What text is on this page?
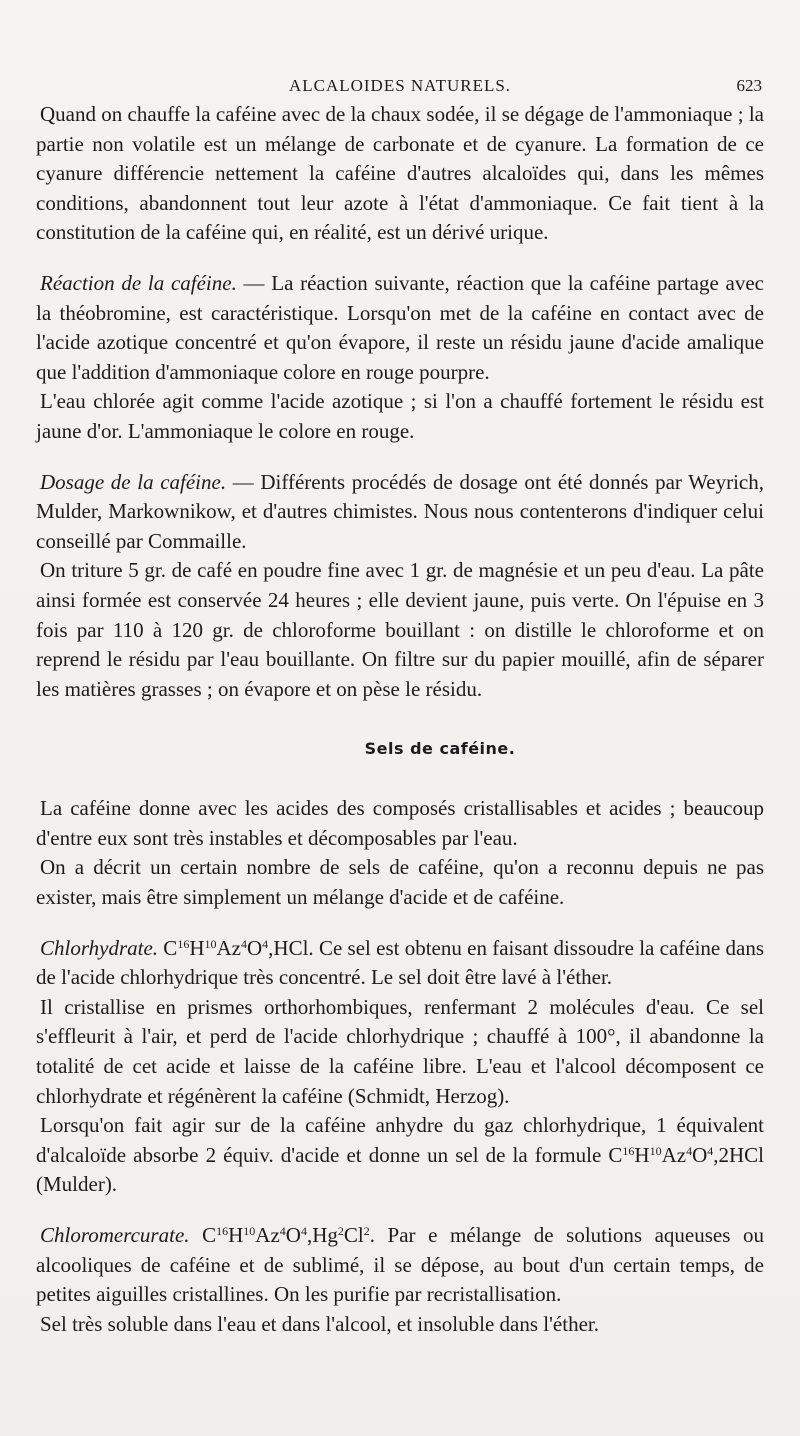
ALCALOIDES NATURELS.	623

Quand on chauffe la caféine avec de la chaux sodée, il se dégage de l'ammoniaque ; la partie non volatile est un mélange de carbonate et de cyanure. La formation de ce cyanure différencie nettement la caféine d'autres alcaloïdes qui, dans les mêmes conditions, abandonnent tout leur azote à l'état d'ammoniaque. Ce fait tient à la constitution de la caféine qui, en réalité, est un dérivé urique.

Réaction de la caféine. — La réaction suivante, réaction que la caféine partage avec la théobromine, est caractéristique. Lorsqu'on met de la caféine en contact avec de l'acide azotique concentré et qu'on évapore, il reste un résidu jaune d'acide amalique que l'addition d'ammoniaque colore en rouge pourpre.

L'eau chlorée agit comme l'acide azotique ; si l'on a chauffé fortement le résidu est jaune d'or. L'ammoniaque le colore en rouge.

Dosage de la caféine. — Différents procédés de dosage ont été donnés par Weyrich, Mulder, Markownikow, et d'autres chimistes. Nous nous contenterons d'indiquer celui conseillé par Commaille.

On triture 5 gr. de café en poudre fine avec 1 gr. de magnésie et un peu d'eau. La pâte ainsi formée est conservée 24 heures ; elle devient jaune, puis verte. On l'épuise en 3 fois par 110 à 120 gr. de chloroforme bouillant : on distille le chloroforme et on reprend le résidu par l'eau bouillante. On filtre sur du papier mouillé, afin de séparer les matières grasses ; on évapore et on pèse le résidu.

Sels de caféine.

La caféine donne avec les acides des composés cristallisables et acides ; beaucoup d'entre eux sont très instables et décomposables par l'eau.

On a décrit un certain nombre de sels de caféine, qu'on a reconnu depuis ne pas exister, mais être simplement un mélange d'acide et de caféine.

Chlorhydrate. $C^{16}H^{10}Az^4O^4,HCl$. Ce sel est obtenu en faisant dissoudre la caféine dans de l'acide chlorhydrique très concentré. Le sel doit être lavé à l'éther.

Il cristallise en prismes orthorhombiques, renfermant 2 molécules d'eau. Ce sel s'effleurit à l'air, et perd de l'acide chlorhydrique ; chauffé à 100°, il abandonne la totalité de cet acide et laisse de la caféine libre. L'eau et l'alcool décomposent ce chlorhydrate et régénèrent la caféine (Schmidt, Herzog).

Lorsqu'on fait agir sur de la caféine anhydre du gaz chlorhydrique, 1 équivalent d'alcaloïde absorbe 2 équiv. d'acide et donne un sel de la formule $C^{16}H^{10}Az^4O^4,2HCl$ (Mulder).

Chloromercurate. $C^{16}H^{10}Az^4O^4,Hg^2Cl^2$. Par e mélange de solutions aqueuses ou alcooliques de caféine et de sublimé, il se dépose, au bout d'un certain temps, de petites aiguilles cristallines. On les purifie par recristallisation.

Sel très soluble dans l'eau et dans l'alcool, et insoluble dans l'éther.
